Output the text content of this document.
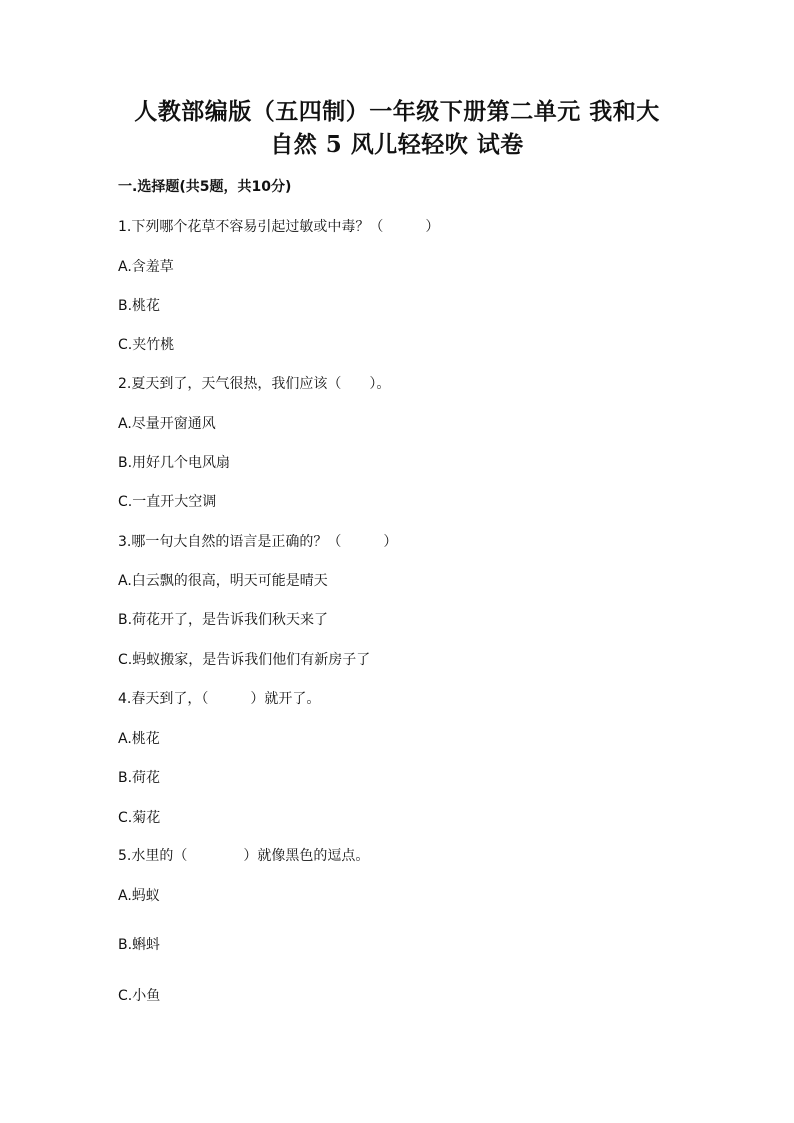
人教部编版（五四制）一年级下册第二单元 我和大
自然 5 风儿轻轻吹 试卷
一.选择题(共5题，共10分)
1.下列哪个花草不容易引起过敏或中毒？（　　　）
A.含羞草
B.桃花
C.夹竹桃
2.夏天到了，天气很热，我们应该（　　）。
A.尽量开窗通风
B.用好几个电风扇
C.一直开大空调
3.哪一句大自然的语言是正确的？（　　　）
A.白云飘的很高，明天可能是晴天
B.荷花开了，是告诉我们秋天来了
C.蚂蚁搬家，是告诉我们他们有新房子了
4.春天到了，（　　　）就开了。
A.桃花
B.荷花
C.菊花
5.水里的（　　　　）就像黑色的逗点。
A.蚂蚁
B.蝌蚪
C.小鱼
